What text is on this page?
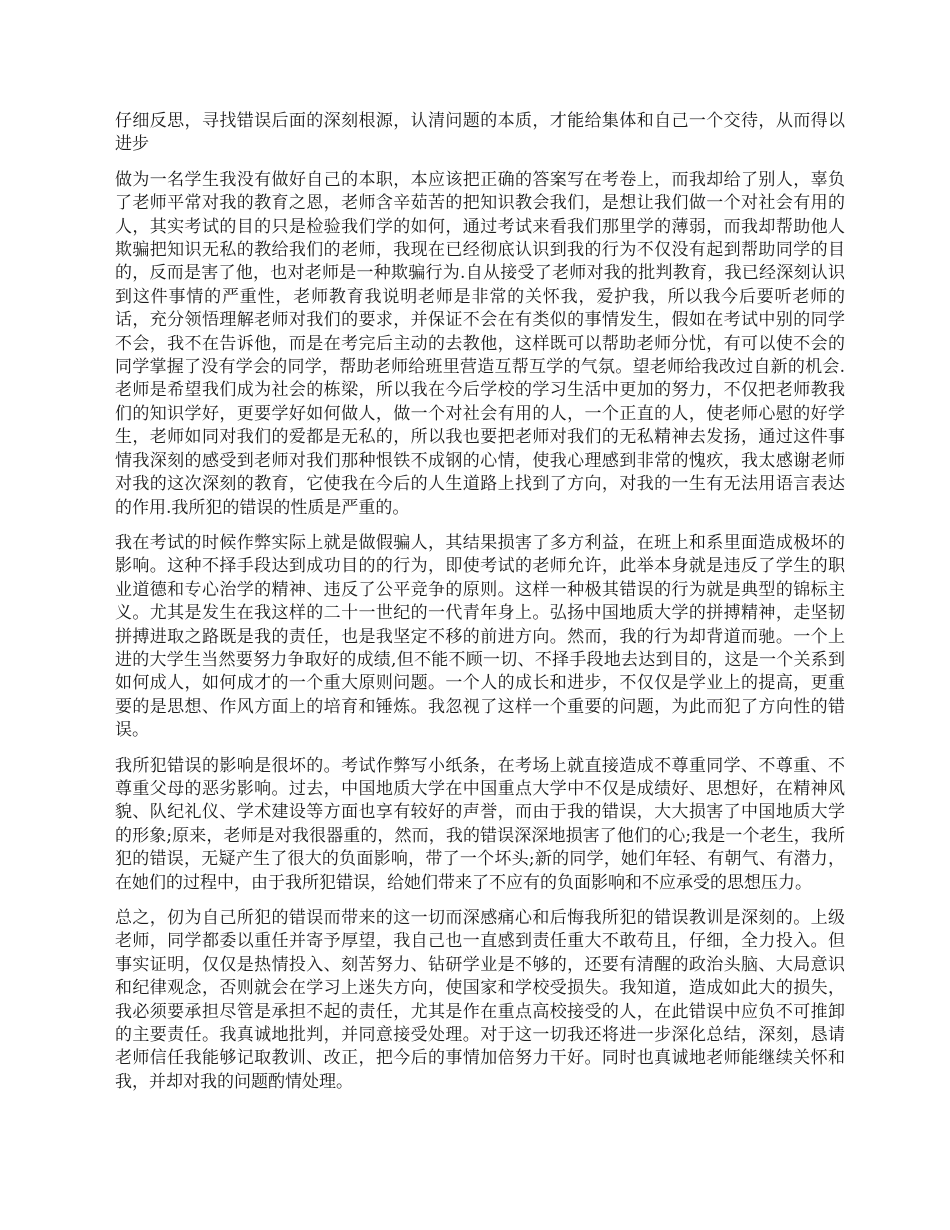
仔细反思，寻找错误后面的深刻根源，认清问题的本质，才能给集体和自己一个交待，从而得以进步

做为一名学生我没有做好自己的本职，本应该把正确的答案写在考卷上，而我却给了别人，辜负了老师平常对我的教育之恩，老师含辛茹苦的把知识教会我们，是想让我们做一个对社会有用的人，其实考试的目的只是检验我们学的如何，通过考试来看我们那里学的薄弱，而我却帮助他人欺骗把知识无私的教给我们的老师，我现在已经彻底认识到我的行为不仅没有起到帮助同学的目的，反而是害了他，也对老师是一种欺骗行为.自从接受了老师对我的批判教育，我已经深刻认识到这件事情的严重性，老师教育我说明老师是非常的关怀我，爱护我，所以我今后要听老师的话，充分领悟理解老师对我们的要求，并保证不会在有类似的事情发生，假如在考试中别的同学不会，我不在告诉他，而是在考完后主动的去教他，这样既可以帮助老师分忧，有可以使不会的同学掌握了没有学会的同学，帮助老师给班里营造互帮互学的气氛。望老师给我改过自新的机会.老师是希望我们成为社会的栋梁，所以我在今后学校的学习生活中更加的努力，不仅把老师教我们的知识学好，更要学好如何做人，做一个对社会有用的人，一个正直的人，使老师心慰的好学生，老师如同对我们的爱都是无私的，所以我也要把老师对我们的无私精神去发扬，通过这件事情我深刻的感受到老师对我们那种恨铁不成钢的心情，使我心理感到非常的愧疚，我太感谢老师对我的这次深刻的教育，它使我在今后的人生道路上找到了方向，对我的一生有无法用语言表达的作用.我所犯的错误的性质是严重的。

我在考试的时候作弊实际上就是做假骗人，其结果损害了多方利益，在班上和系里面造成极坏的影响。这种不择手段达到成功目的的行为，即使考试的老师允许，此举本身就是违反了学生的职业道德和专心治学的精神、违反了公平竞争的原则。这样一种极其错误的行为就是典型的锦标主义。尤其是发生在我这样的二十一世纪的一代青年身上。弘扬中国地质大学的拼搏精神，走坚韧拼搏进取之路既是我的责任，也是我坚定不移的前进方向。然而，我的行为却背道而驰。一个上进的大学生当然要努力争取好的成绩,但不能不顾一切、不择手段地去达到目的，这是一个关系到如何成人，如何成才的一个重大原则问题。一个人的成长和进步，不仅仅是学业上的提高，更重要的是思想、作风方面上的培育和锤炼。我忽视了这样一个重要的问题，为此而犯了方向性的错误。

我所犯错误的影响是很坏的。考试作弊写小纸条，在考场上就直接造成不尊重同学、不尊重、不尊重父母的恶劣影响。过去，中国地质大学在中国重点大学中不仅是成绩好、思想好，在精神风貌、队纪礼仪、学术建设等方面也享有较好的声誉，而由于我的错误，大大损害了中国地质大学的形象;原来，老师是对我很器重的，然而，我的错误深深地损害了他们的心;我是一个老生，我所犯的错误，无疑产生了很大的负面影响，带了一个坏头;新的同学，她们年轻、有朝气、有潜力，在她们的过程中，由于我所犯错误，给她们带来了不应有的负面影响和不应承受的思想压力。

总之，仞为自己所犯的错误而带来的这一切而深感痛心和后悔我所犯的错误教训是深刻的。上级老师，同学都委以重任并寄予厚望，我自己也一直感到责任重大不敢苟且，仔细，全力投入。但事实证明，仅仅是热情投入、刻苦努力、钻研学业是不够的，还要有清醒的政治头脑、大局意识和纪律观念，否则就会在学习上迷失方向，使国家和学校受损失。我知道，造成如此大的损失，我必须要承担尽管是承担不起的责任，尤其是作在重点高校接受的人，在此错误中应负不可推卸的主要责任。我真诚地批判，并同意接受处理。对于这一切我还将进一步深化总结，深刻，恳请老师信任我能够记取教训、改正，把今后的事情加倍努力干好。同时也真诚地老师能继续关怀和我，并却对我的问题酌情处理。
